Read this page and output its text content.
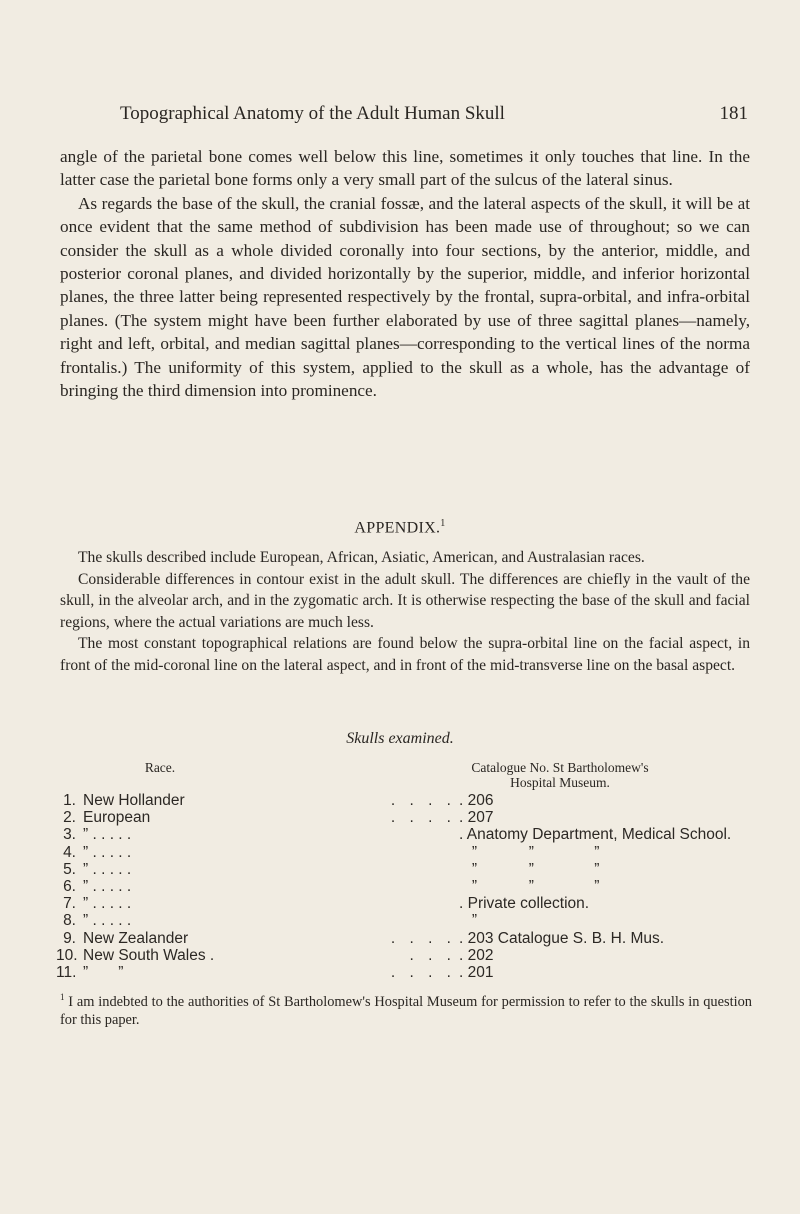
Topographical Anatomy of the Adult Human Skull	181

angle of the parietal bone comes well below this line, sometimes it only touches that line. In the latter case the parietal bone forms only a very small part of the sulcus of the lateral sinus.

As regards the base of the skull, the cranial fossæ, and the lateral aspects of the skull, it will be at once evident that the same method of subdivision has been made use of throughout; so we can consider the skull as a whole divided coronally into four sections, by the anterior, middle, and posterior coronal planes, and divided horizontally by the superior, middle, and inferior horizontal planes, the three latter being represented respectively by the frontal, supra-orbital, and infra-orbital planes. (The system might have been further elaborated by use of three sagittal planes—namely, right and left, orbital, and median sagittal planes—corresponding to the vertical lines of the norma frontalis.) The uniformity of this system, applied to the skull as a whole, has the advantage of bringing the third dimension into prominence.

APPENDIX.$^1$

The skulls described include European, African, Asiatic, American, and Australasian races.

Considerable differences in contour exist in the adult skull. The differences are chiefly in the vault of the skull, in the alveolar arch, and in the zygomatic arch. It is otherwise respecting the base of the skull and facial regions, where the actual variations are much less.

The most constant topographical relations are found below the supra-orbital line on the facial aspect, in front of the mid-coronal line on the lateral aspect, and in front of the mid-transverse line on the basal aspect.

Skulls examined.
Race.	Catalogue No. St Bartholomew's
Hospital Museum.
1. New Hollander	. . . . . 206
2. European	. . . . . 207
3. ” . . . . .	. Anatomy Department, Medical School.
4. ” . . . . .	”            ”              ”
5. ” . . . . .	”            ”              ”
6. ” . . . . .	”            ”              ”
7. ” . . . . .	. Private collection.
8. ” . . . . .	”
9. New Zealander	. . . . . 203 Catalogue S. B. H. Mus.
10. New South Wales .	. . . . 202
11. ”       ”	. . . . . 201

$^1$ I am indebted to the authorities of St Bartholomew's Hospital Museum for permission to refer to the skulls in question for this paper.
